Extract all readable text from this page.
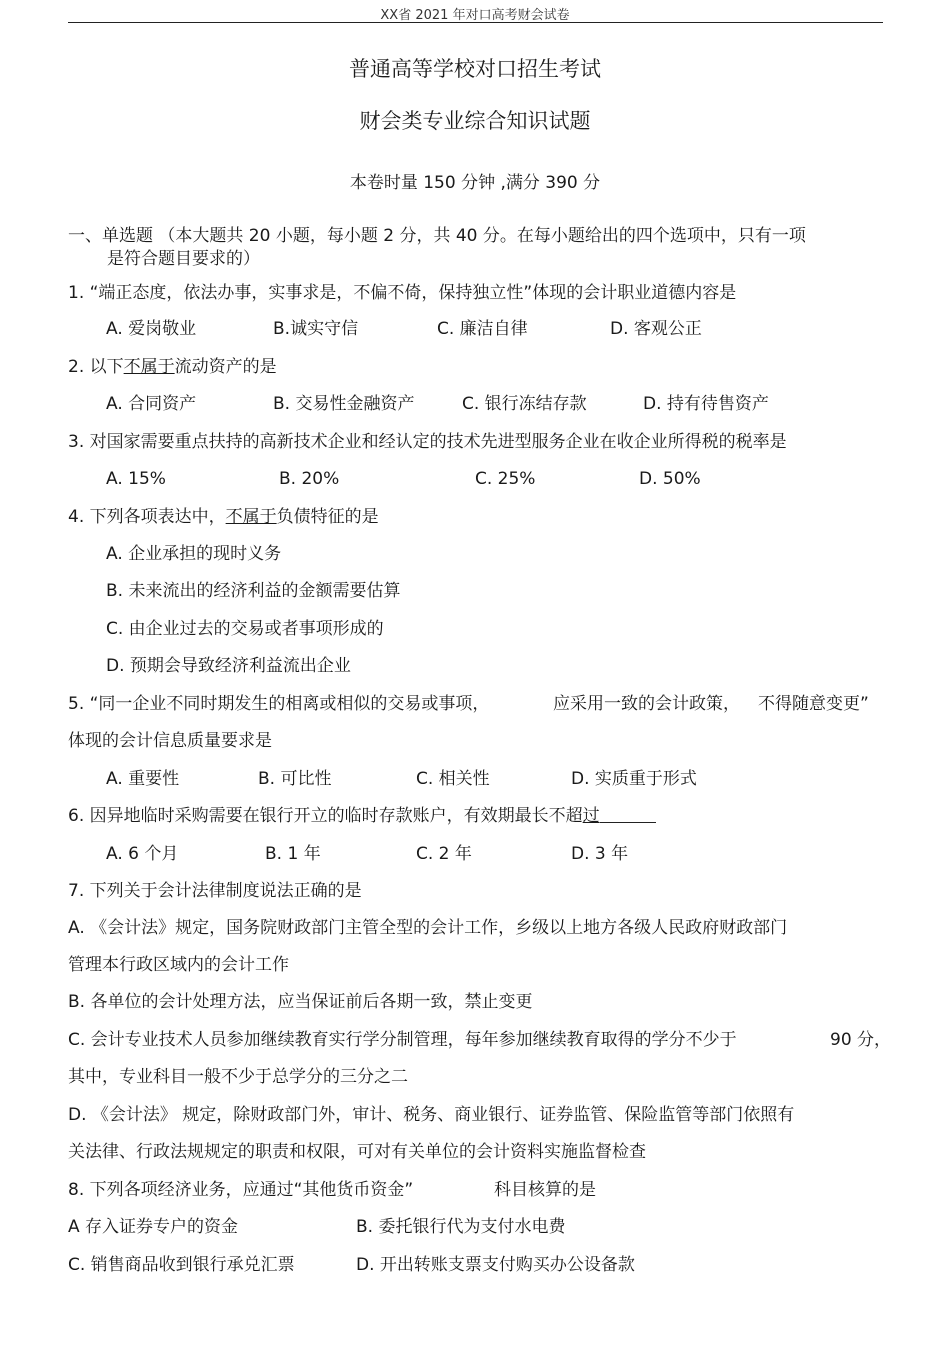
XX省 2021 年对口高考财会试卷
普通高等学校对口招生考试
财会类专业综合知识试题
本卷时量 150 分钟 ,满分 390 分
一、单选题 （本大题共 20 小题，每小题 2 分，共 40 分。在每小题给出的四个选项中，只有一项
是符合题目要求的）
1. “端正态度，依法办事，实事求是，不偏不倚，保持独立性”体现的会计职业道德内容是
A. 爱岗敬业	B.诚实守信	C. 廉洁自律	D. 客观公正
2. 以下不属于流动资产的是
A. 合同资产	B. 交易性金融资产	C. 银行冻结存款	D. 持有待售资产
3. 对国家需要重点扶持的高新技术企业和经认定的技术先进型服务企业在收企业所得税的税率是
A. 15%	B. 20%	C. 25%	D. 50%
4. 下列各项表达中，不属于负债特征的是
A. 企业承担的现时义务
B. 未来流出的经济利益的金额需要估算
C. 由企业过去的交易或者事项形成的
D. 预期会导致经济利益流出企业
5. “同一企业不同时期发生的相离或相似的交易或事项，	应采用一致的会计政策， 不得随意变更”
体现的会计信息质量要求是
A. 重要性	B. 可比性	C. 相关性	D. 实质重于形式
6. 因异地临时采购需要在银行开立的临时存款账户，有效期最长不超过
A. 6 个月	B. 1 年	C. 2 年	D. 3 年
7. 下列关于会计法律制度说法正确的是
A. 《会计法》规定，国务院财政部门主管全型的会计工作，乡级以上地方各级人民政府财政部门
管理本行政区域内的会计工作
B. 各单位的会计处理方法，应当保证前后各期一致，禁止变更
C. 会计专业技术人员参加继续教育实行学分制管理，每年参加继续教育取得的学分不少于	90 分，
其中，专业科目一般不少于总学分的三分之二
D. 《会计法》 规定，除财政部门外，审计、税务、商业银行、证券监管、保险监管等部门依照有
关法律、行政法规规定的职责和权限，可对有关单位的会计资料实施监督检查
8. 下列各项经济业务，应通过“其他货币资金”	科目核算的是
A 存入证券专户的资金	B. 委托银行代为支付水电费
C. 销售商品收到银行承兑汇票	D. 开出转账支票支付购买办公设备款
